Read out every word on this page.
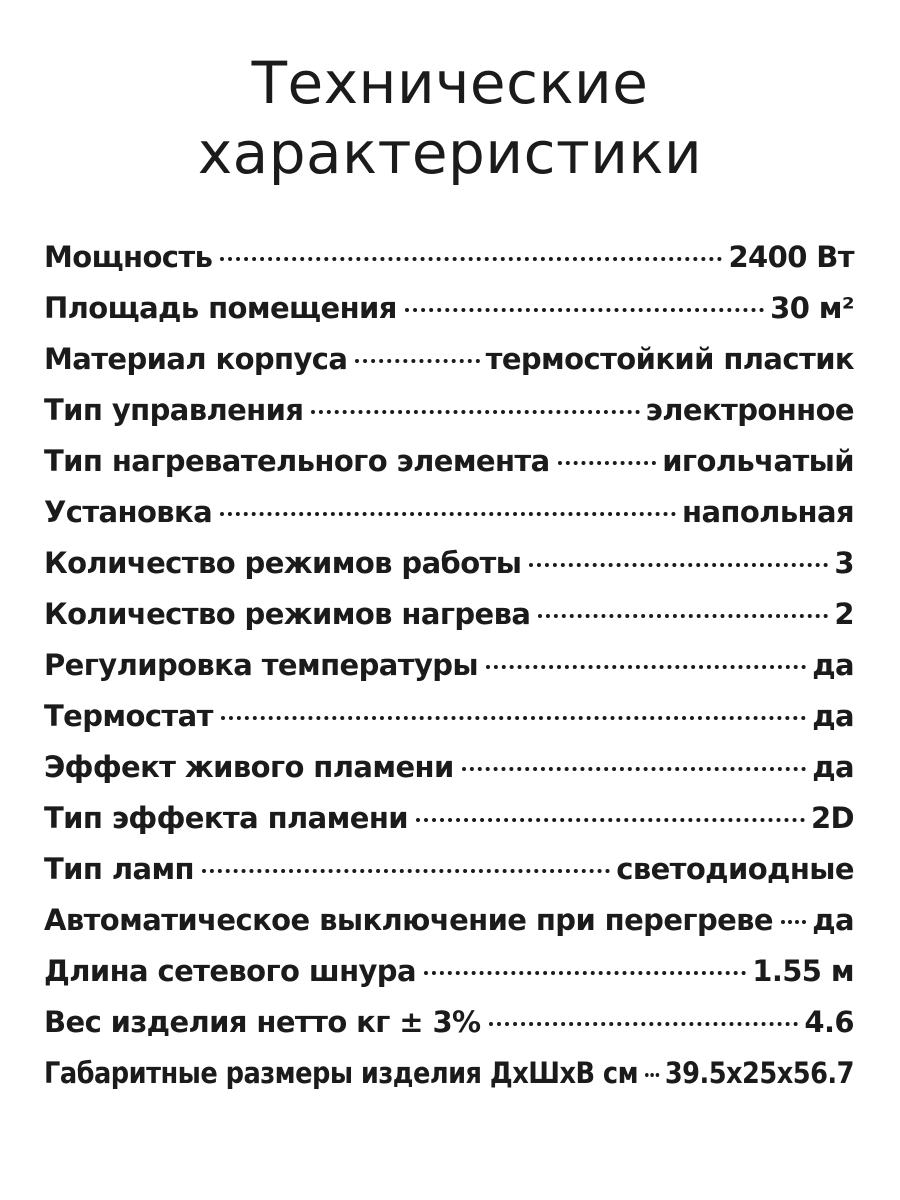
Технические
характеристики
Мощность	2400 Вт
Площадь помещения	30 м²
Материал корпуса	термостойкий пластик
Тип управления	электронное
Тип нагревательного элемента	игольчатый
Установка	напольная
Количество режимов работы	3
Количество режимов нагрева	2
Регулировка температуры	да
Термостат	да
Эффект живого пламени	да
Тип эффекта пламени	2D
Тип ламп	светодиодные
Автоматическое выключение при перегреве да
Длина сетевого шнура	1.55 м
Вес изделия нетто кг ± 3%	4.6
Габаритные размеры изделия ДхШхВ см 39.5x25x56.7
